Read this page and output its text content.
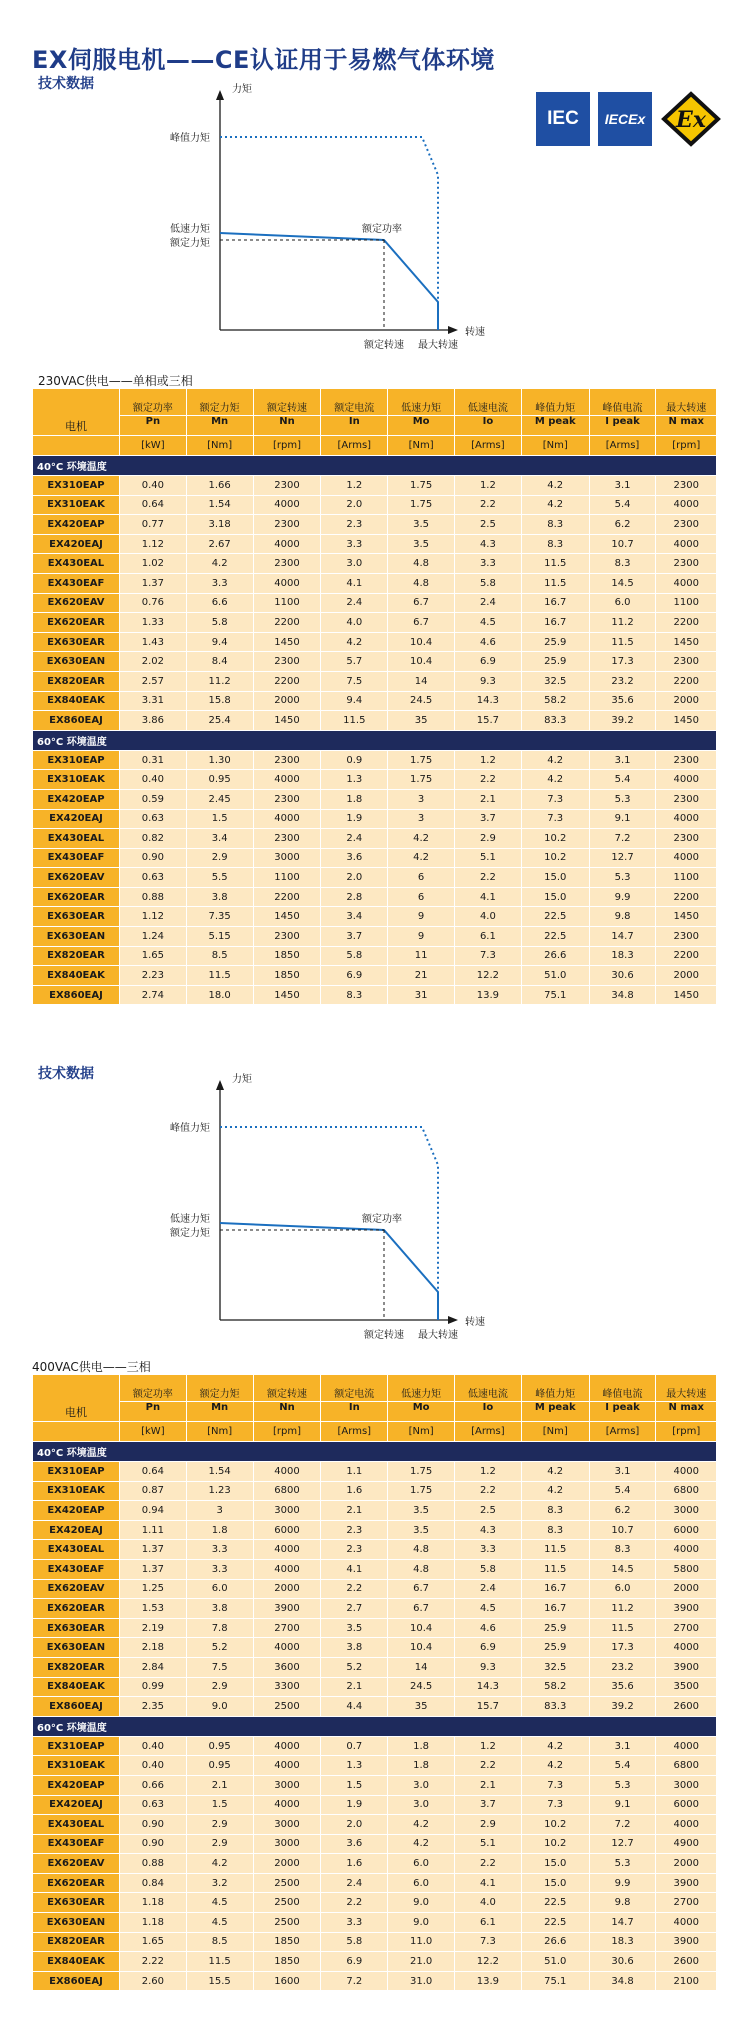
EX伺服电机——CE认证用于易燃气体环境
技术数据
IEC IECEx Ex
力矩
转速
峰值力矩
低速力矩
额定力矩
额定功率
额定转速 最大转速
230VAC供电——单相或三相
电机	额定功率	额定力矩	额定转速	额定电流	低速力矩	低速电流	峰值力矩	峰值电流	最大转速
	Pn	Mn	Nn	In	Mo	Io	M peak	I peak	N max
	[kW]	[Nm]	[rpm]	[Arms]	[Nm]	[Arms]	[Nm]	[Arms]	[rpm]
40°C 环境温度									
EX310EAP	0.40	1.66	2300	1.2	1.75	1.2	4.2	3.1	2300
EX310EAK	0.64	1.54	4000	2.0	1.75	2.2	4.2	5.4	4000
EX420EAP	0.77	3.18	2300	2.3	3.5	2.5	8.3	6.2	2300
EX420EAJ	1.12	2.67	4000	3.3	3.5	4.3	8.3	10.7	4000
EX430EAL	1.02	4.2	2300	3.0	4.8	3.3	11.5	8.3	2300
EX430EAF	1.37	3.3	4000	4.1	4.8	5.8	11.5	14.5	4000
EX620EAV	0.76	6.6	1100	2.4	6.7	2.4	16.7	6.0	1100
EX620EAR	1.33	5.8	2200	4.0	6.7	4.5	16.7	11.2	2200
EX630EAR	1.43	9.4	1450	4.2	10.4	4.6	25.9	11.5	1450
EX630EAN	2.02	8.4	2300	5.7	10.4	6.9	25.9	17.3	2300
EX820EAR	2.57	11.2	2200	7.5	14	9.3	32.5	23.2	2200
EX840EAK	3.31	15.8	2000	9.4	24.5	14.3	58.2	35.6	2000
EX860EAJ	3.86	25.4	1450	11.5	35	15.7	83.3	39.2	1450
60°C 环境温度									
EX310EAP	0.31	1.30	2300	0.9	1.75	1.2	4.2	3.1	2300
EX310EAK	0.40	0.95	4000	1.3	1.75	2.2	4.2	5.4	4000
EX420EAP	0.59	2.45	2300	1.8	3	2.1	7.3	5.3	2300
EX420EAJ	0.63	1.5	4000	1.9	3	3.7	7.3	9.1	4000
EX430EAL	0.82	3.4	2300	2.4	4.2	2.9	10.2	7.2	2300
EX430EAF	0.90	2.9	3000	3.6	4.2	5.1	10.2	12.7	4000
EX620EAV	0.63	5.5	1100	2.0	6	2.2	15.0	5.3	1100
EX620EAR	0.88	3.8	2200	2.8	6	4.1	15.0	9.9	2200
EX630EAR	1.12	7.35	1450	3.4	9	4.0	22.5	9.8	1450
EX630EAN	1.24	5.15	2300	3.7	9	6.1	22.5	14.7	2300
EX820EAR	1.65	8.5	1850	5.8	11	7.3	26.6	18.3	2200
EX840EAK	2.23	11.5	1850	6.9	21	12.2	51.0	30.6	2000
EX860EAJ	2.74	18.0	1450	8.3	31	13.9	75.1	34.8	1450
技术数据	力矩
转速
峰值力矩
低速力矩
额定力矩
额定功率
额定转速 最大转速
400VAC供电——三相
电机	额定功率	额定力矩	额定转速	额定电流	低速力矩	低速电流	峰值力矩	峰值电流	最大转速
	Pn	Mn	Nn	In	Mo	Io	M peak	I peak	N max
	[kW]	[Nm]	[rpm]	[Arms]	[Nm]	[Arms]	[Nm]	[Arms]	[rpm]
40°C 环境温度									
EX310EAP	0.64	1.54	4000	1.1	1.75	1.2	4.2	3.1	4000
EX310EAK	0.87	1.23	6800	1.6	1.75	2.2	4.2	5.4	6800
EX420EAP	0.94	3	3000	2.1	3.5	2.5	8.3	6.2	3000
EX420EAJ	1.11	1.8	6000	2.3	3.5	4.3	8.3	10.7	6000
EX430EAL	1.37	3.3	4000	2.3	4.8	3.3	11.5	8.3	4000
EX430EAF	1.37	3.3	4000	4.1	4.8	5.8	11.5	14.5	5800
EX620EAV	1.25	6.0	2000	2.2	6.7	2.4	16.7	6.0	2000
EX620EAR	1.53	3.8	3900	2.7	6.7	4.5	16.7	11.2	3900
EX630EAR	2.19	7.8	2700	3.5	10.4	4.6	25.9	11.5	2700
EX630EAN	2.18	5.2	4000	3.8	10.4	6.9	25.9	17.3	4000
EX820EAR	2.84	7.5	3600	5.2	14	9.3	32.5	23.2	3900
EX840EAK	0.99	2.9	3300	2.1	24.5	14.3	58.2	35.6	3500
EX860EAJ	2.35	9.0	2500	4.4	35	15.7	83.3	39.2	2600
60°C 环境温度									
EX310EAP	0.40	0.95	4000	0.7	1.8	1.2	4.2	3.1	4000
EX310EAK	0.40	0.95	4000	1.3	1.8	2.2	4.2	5.4	6800
EX420EAP	0.66	2.1	3000	1.5	3.0	2.1	7.3	5.3	3000
EX420EAJ	0.63	1.5	4000	1.9	3.0	3.7	7.3	9.1	6000
EX430EAL	0.90	2.9	3000	2.0	4.2	2.9	10.2	7.2	4000
EX430EAF	0.90	2.9	3000	3.6	4.2	5.1	10.2	12.7	4900
EX620EAV	0.88	4.2	2000	1.6	6.0	2.2	15.0	5.3	2000
EX620EAR	0.84	3.2	2500	2.4	6.0	4.1	15.0	9.9	3900
EX630EAR	1.18	4.5	2500	2.2	9.0	4.0	22.5	9.8	2700
EX630EAN	1.18	4.5	2500	3.3	9.0	6.1	22.5	14.7	4000
EX820EAR	1.65	8.5	1850	5.8	11.0	7.3	26.6	18.3	3900
EX840EAK	2.22	11.5	1850	6.9	21.0	12.2	51.0	30.6	2600
EX860EAJ	2.60	15.5	1600	7.2	31.0	13.9	75.1	34.8	2100
